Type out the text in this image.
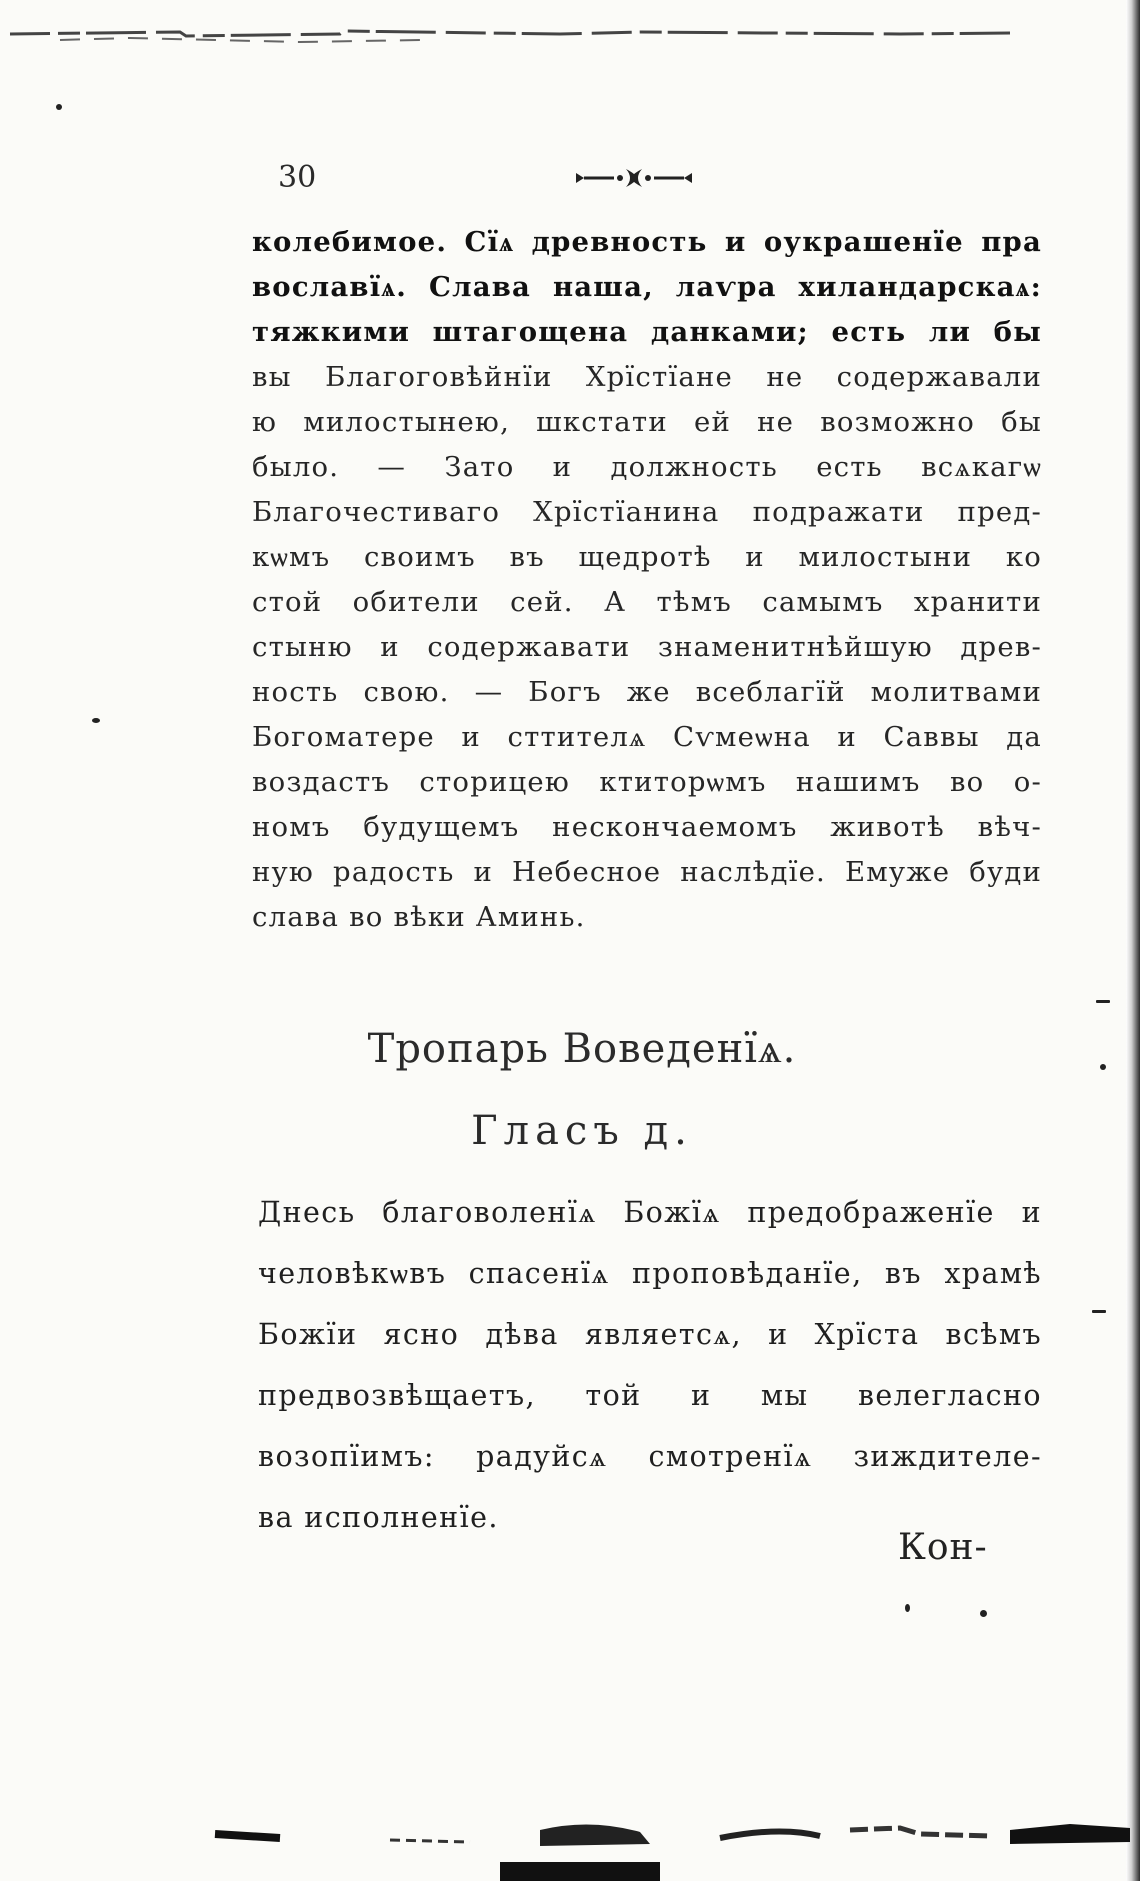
30
колебимое. Сїѧ древность и оукрашенїе пра
вославїѧ. Слава наша, лаѵра хиландарскаѧ:
тяжкими штагощена данками; есть ли бы
вы Благоговѣйнїи Хрїстїане не содержавали
ю милостынею, шкстати ей не возможно бы
было. — Зато и должность есть всѧкагѡ
Благочестиваго Хрїстїанина подражати пред-
кѡмъ своимъ въ щедротѣ и милостыни ко
стой обители сей. А тѣмъ самымъ хранити
стыню и содержавати знаменитнѣйшую древ-
ность свою. — Богъ же всеблагїй молитвами
Богоматере и сттителѧ Сѵмеѡна и Саввы да
воздастъ сторицею ктиторѡмъ нашимъ во о-
номъ будущемъ нескончаемомъ животѣ вѣч-
ную радость и Небесное наслѣдїе. Емуже буди
слава во вѣки Аминь.
Тропарь Воведенїѧ.
Гласъ д.
Днесь благоволенїѧ Божїѧ предображенїе и
человѣкѡвъ спасенїѧ проповѣданїе, въ храмѣ
Божїи ясно дѣва являетсѧ, и Хрїста всѣмъ
предвозвѣщаетъ, той и мы велегласно
возопїимъ: радуйсѧ смотренїѧ зиждителе-
ва исполненїе.
Кон-
